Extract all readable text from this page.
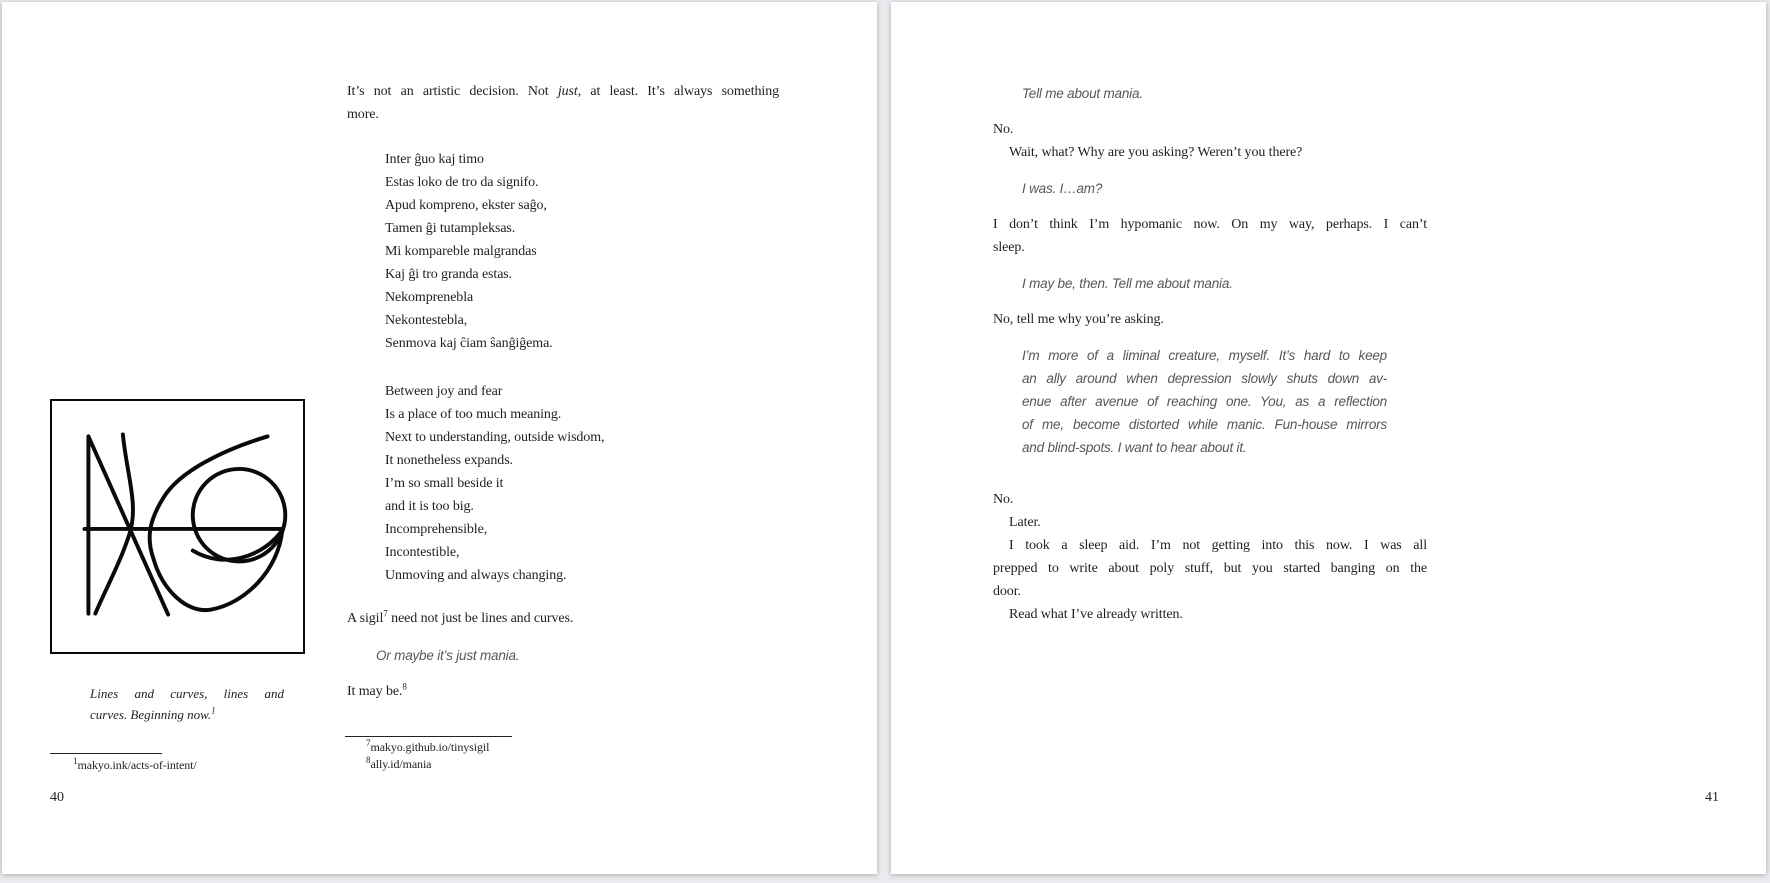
It’s not an artistic decision. Not just, at least. It’s always something
more.
Inter ĝuo kaj timo
Estas loko de tro da signifo.
Apud kompreno, ekster saĝo,
Tamen ĝi tutampleksas.
Mi kompareble malgrandas
Kaj ĝi tro granda estas.
Nekomprenebla
Nekontestebla,
Senmova kaj ĉiam ŝanĝiĝema.
Between joy and fear
Is a place of too much meaning.
Next to understanding, outside wisdom,
It nonetheless expands.
I’m so small beside it
and it is too big.
Incomprehensible,
Incontestible,
Unmoving and always changing.
A sigil$^7$ need not just be lines and curves.
Or maybe it’s just mania.
It may be.$^8$
Lines and curves, lines and
curves. Beginning now.$^1$
$^1$makyo.ink/acts-of-intent/
$^7$makyo.github.io/tinysigil
$^8$ally.id/mania
40
Tell me about mania.
No.
Wait, what? Why are you asking? Weren’t you there?
I was. I…am?
I don’t think I’m hypomanic now. On my way, perhaps. I can’t
sleep.
I may be, then. Tell me about mania.
No, tell me why you’re asking.
I’m more of a liminal creature, myself. It’s hard to keep
an ally around when depression slowly shuts down av-
enue after avenue of reaching one. You, as a reflection
of me, become distorted while manic. Fun-house mirrors
and blind-spots. I want to hear about it.
No.
Later.
I took a sleep aid. I’m not getting into this now. I was all
prepped to write about poly stuff, but you started banging on the
door.
Read what I’ve already written.
41
